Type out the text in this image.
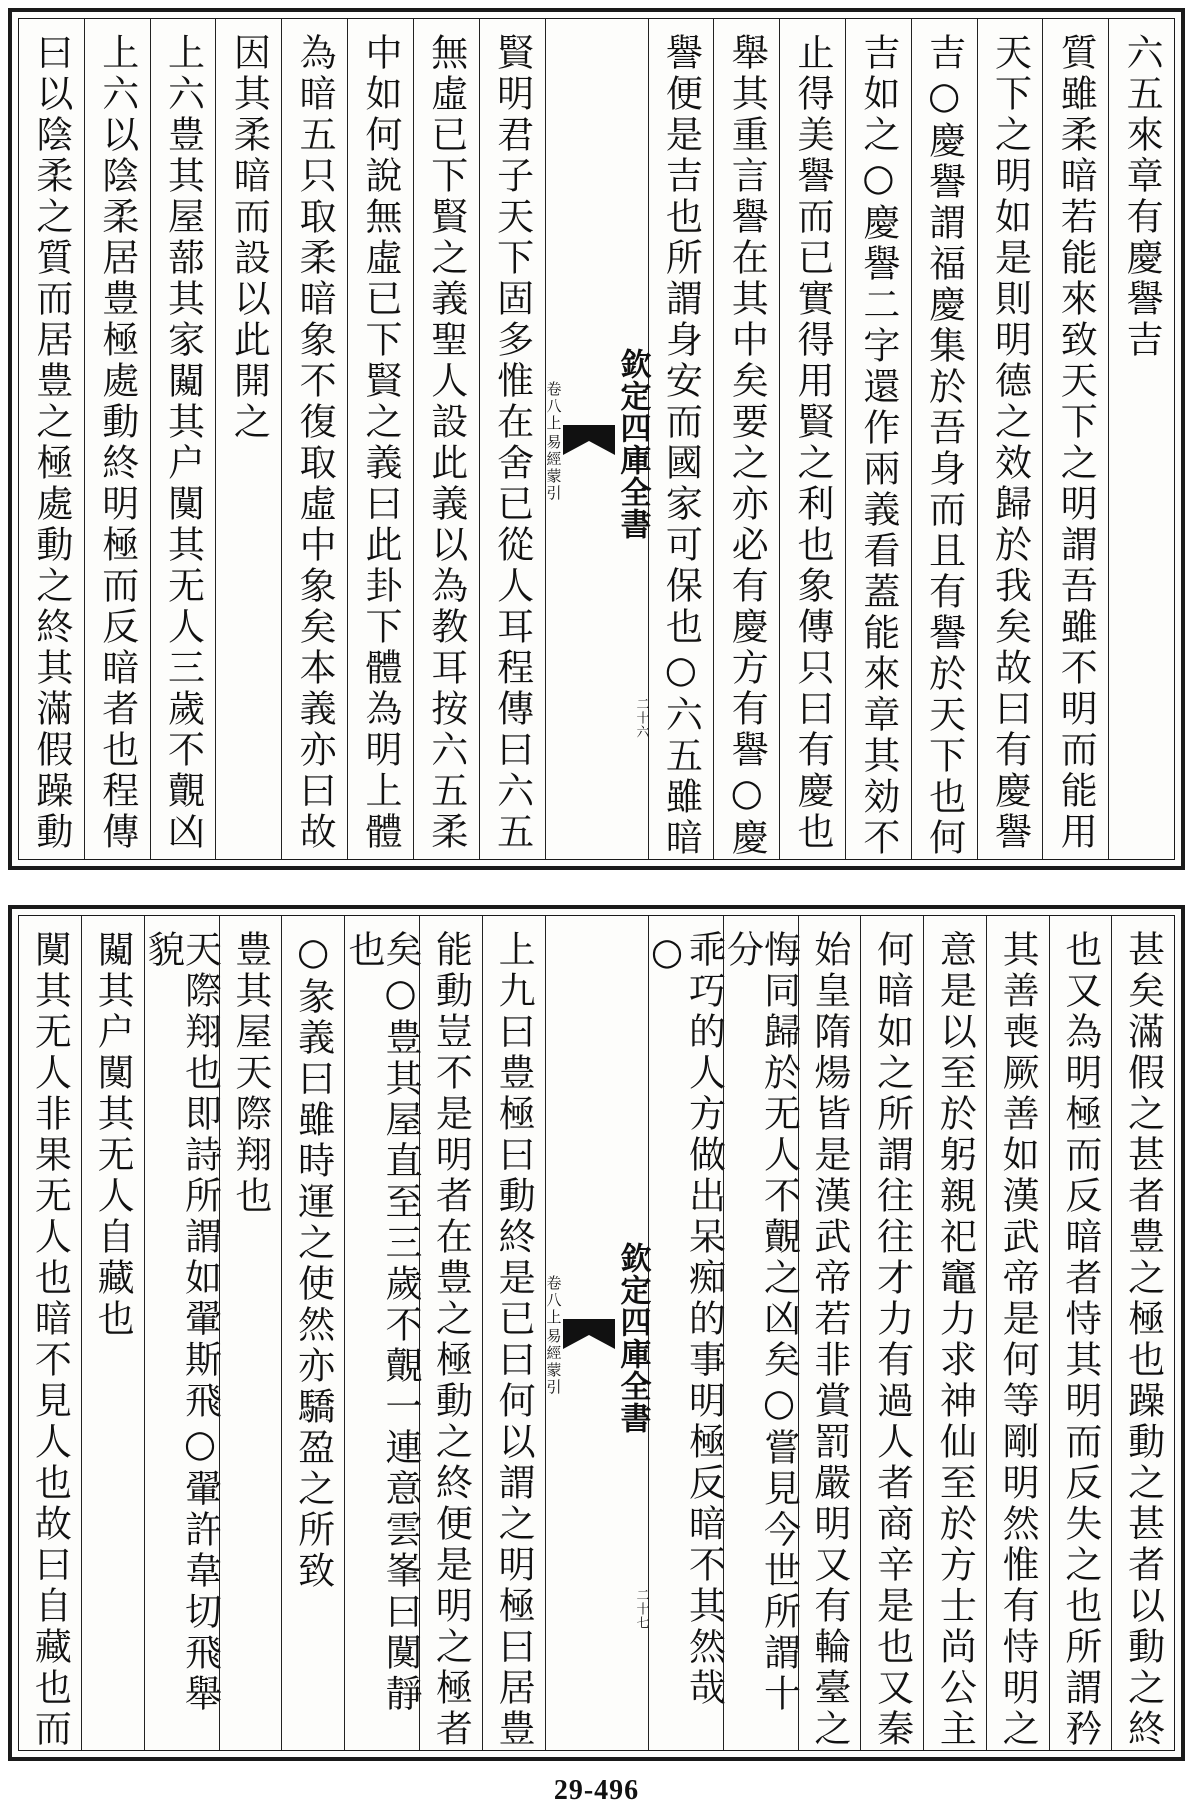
六五來章有慶譽吉
質雖柔暗若能來致天下之明謂吾雖不明而能用
天下之明如是則明德之效歸於我矣故曰有慶譽
吉○慶譽謂福慶集於吾身而且有譽於天下也何
吉如之○慶譽二字還作兩義看蓋能來章其効不
止得美譽而已實得用賢之利也象傳只曰有慶也
舉其重言譽在其中矣要之亦必有慶方有譽○慶
譽便是吉也所謂身安而國家可保也○六五雖暗
欽定四庫全書
易經蒙引
卷八上
二十六
賢明君子天下固多惟在舍已從人耳程傳曰六五
無虛已下賢之義聖人設此義以為教耳按六五柔
中如何說無虛已下賢之義曰此卦下體為明上體
為暗五只取柔暗象不復取虛中象矣本義亦曰故
因其柔暗而設以此開之
上六豊其屋蔀其家闚其户闃其无人三歲不覿凶
上六以陰柔居豊極處動終明極而反暗者也程傳
曰以陰柔之質而居豊之極處動之終其滿假躁動
甚矣滿假之甚者豊之極也躁動之甚者以動之終
也又為明極而反暗者恃其明而反失之也所謂矜
其善喪厥善如漢武帝是何等剛明然惟有恃明之
意是以至於躬親祀竈力求神仙至於方士尚公主
何暗如之所謂往往才力有過人者商辛是也又秦
始皇隋煬皆是漢武帝若非賞罰嚴明又有輪臺之
悔同歸於无人不覿之凶矣○嘗見今世所謂十分
乖巧的人方做出呆痴的事明極反暗不其然哉○
欽定四庫全書
易經蒙引
卷八上
二十七
上九曰豊極曰動終是已曰何以謂之明極曰居豊
能動豈不是明者在豊之極動之終便是明之極者
矣○豊其屋直至三歲不覿一連意雲峯曰闃靜也
○彖義曰雖時運之使然亦驕盈之所致
豊其屋天際翔也
天際翔也即詩所謂如翬斯飛○翬許韋切飛舉貌
闚其户闃其无人自藏也
闃其无人非果无人也暗不見人也故曰自藏也而
29-496
